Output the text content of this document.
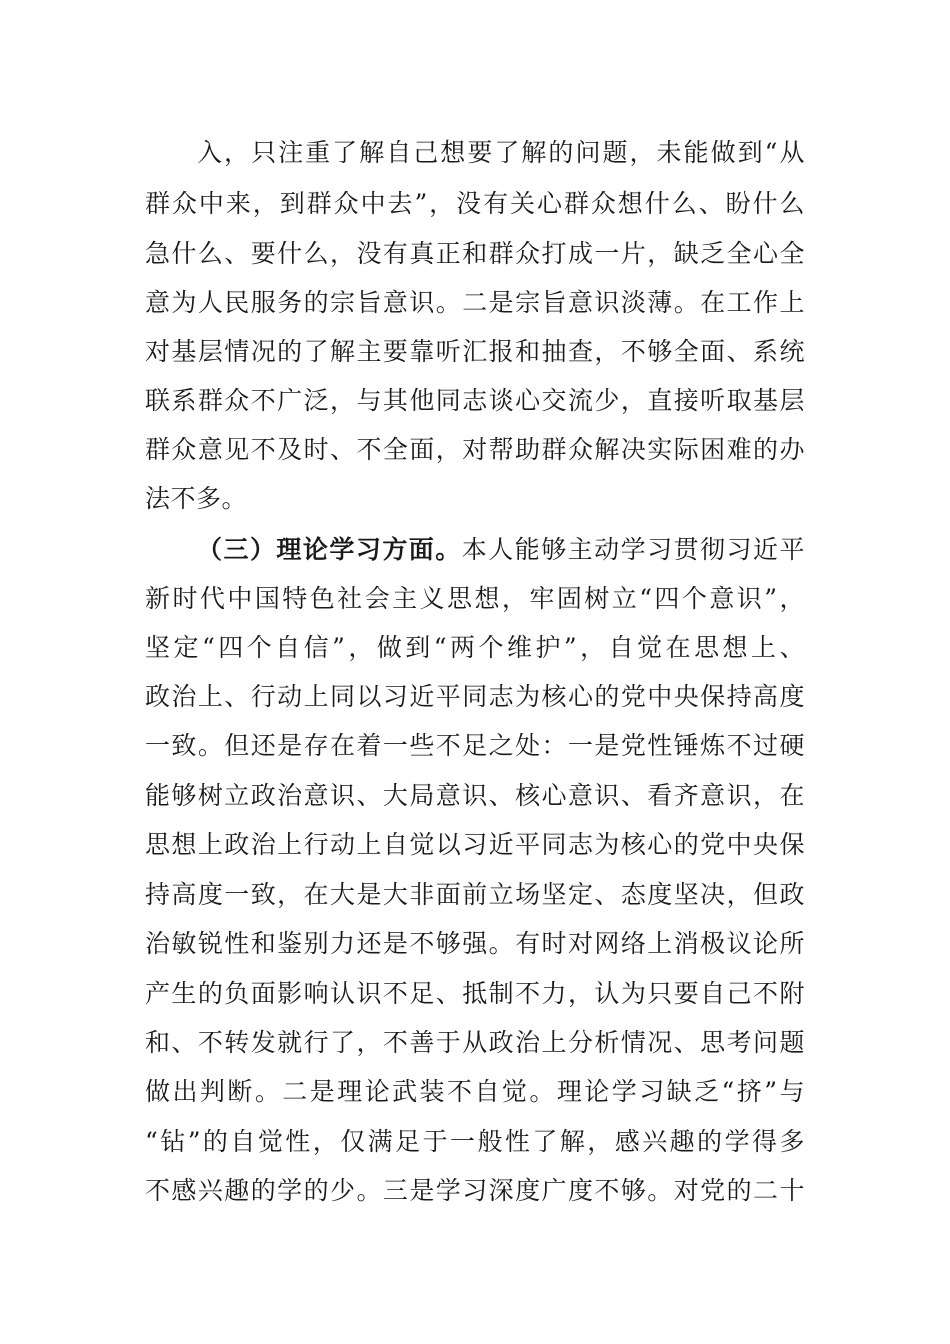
入，只注重了解自己想要了解的问题，未能做到“从
群众中来，到群众中去”，没有关心群众想什么、盼什么
急什么、要什么，没有真正和群众打成一片，缺乏全心全
意为人民服务的宗旨意识。二是宗旨意识淡薄。在工作上
对基层情况的了解主要靠听汇报和抽查，不够全面、系统
联系群众不广泛，与其他同志谈心交流少，直接听取基层
群众意见不及时、不全面，对帮助群众解决实际困难的办
法不多。
（三）理论学习方面。本人能够主动学习贯彻习近平
新时代中国特色社会主义思想，牢固树立“四个意识”，
坚定“四个自信”，做到“两个维护”，自觉在思想上、
政治上、行动上同以习近平同志为核心的党中央保持高度
一致。但还是存在着一些不足之处：一是党性锤炼不过硬
能够树立政治意识、大局意识、核心意识、看齐意识，在
思想上政治上行动上自觉以习近平同志为核心的党中央保
持高度一致，在大是大非面前立场坚定、态度坚决，但政
治敏锐性和鉴别力还是不够强。有时对网络上消极议论所
产生的负面影响认识不足、抵制不力，认为只要自己不附
和、不转发就行了，不善于从政治上分析情况、思考问题
做出判断。二是理论武装不自觉。理论学习缺乏“挤”与
“钻”的自觉性，仅满足于一般性了解，感兴趣的学得多
不感兴趣的学的少。三是学习深度广度不够。对党的二十
